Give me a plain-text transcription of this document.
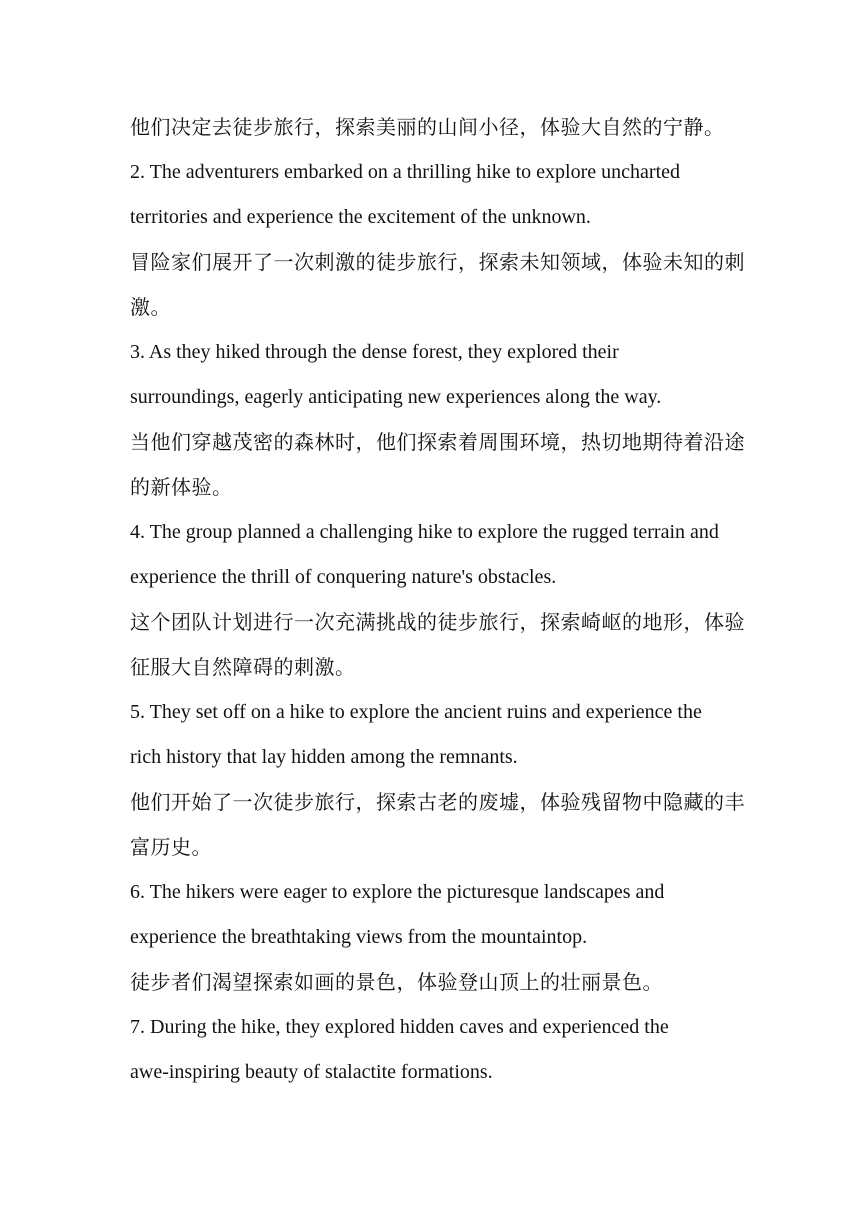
他们决定去徒步旅行，探索美丽的山间小径，体验大自然的宁静。
2. The adventurers embarked on a thrilling hike to explore uncharted
territories and experience the excitement of the unknown.
冒险家们展开了一次刺激的徒步旅行，探索未知领域，体验未知的刺
激。
3. As they hiked through the dense forest, they explored their
surroundings, eagerly anticipating new experiences along the way.
当他们穿越茂密的森林时，他们探索着周围环境，热切地期待着沿途
的新体验。
4. The group planned a challenging hike to explore the rugged terrain and
experience the thrill of conquering nature's obstacles.
这个团队计划进行一次充满挑战的徒步旅行，探索崎岖的地形，体验
征服大自然障碍的刺激。
5. They set off on a hike to explore the ancient ruins and experience the
rich history that lay hidden among the remnants.
他们开始了一次徒步旅行，探索古老的废墟，体验残留物中隐藏的丰
富历史。
6. The hikers were eager to explore the picturesque landscapes and
experience the breathtaking views from the mountaintop.
徒步者们渴望探索如画的景色，体验登山顶上的壮丽景色。
7. During the hike, they explored hidden caves and experienced the
awe-inspiring beauty of stalactite formations.
